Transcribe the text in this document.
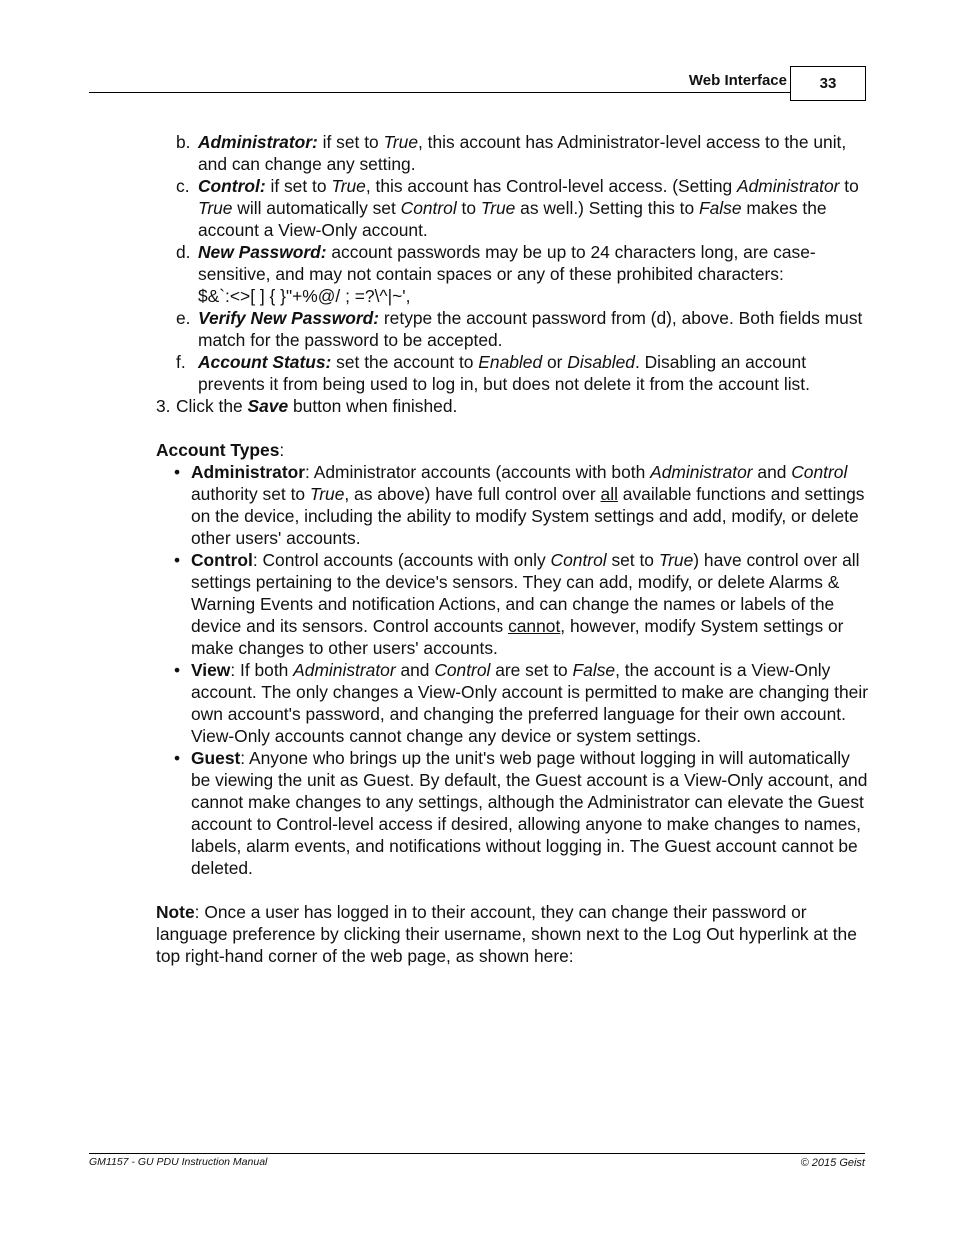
Web Interface	33
b. Administrator: if set to True, this account has Administrator-level access to the unit, and can change any setting.
c. Control: if set to True, this account has Control-level access. (Setting Administrator to True will automatically set Control to True as well.) Setting this to False makes the account a View-Only account.
d. New Password: account passwords may be up to 24 characters long, are case-sensitive, and may not contain spaces or any of these prohibited characters:
$&`:<>[ ] { }"+%@/ ; =?\^|~',
e. Verify New Password: retype the account password from (d), above. Both fields must match for the password to be accepted.
f. Account Status: set the account to Enabled or Disabled. Disabling an account prevents it from being used to log in, but does not delete it from the account list.
3. Click the Save button when finished.
Account Types:
• Administrator: Administrator accounts (accounts with both Administrator and Control authority set to True, as above) have full control over all available functions and settings on the device, including the ability to modify System settings and add, modify, or delete other users' accounts.
• Control: Control accounts (accounts with only Control set to True) have control over all settings pertaining to the device's sensors. They can add, modify, or delete Alarms & Warning Events and notification Actions, and can change the names or labels of the device and its sensors. Control accounts cannot, however, modify System settings or make changes to other users' accounts.
• View: If both Administrator and Control are set to False, the account is a View-Only account. The only changes a View-Only account is permitted to make are changing their own account's password, and changing the preferred language for their own account. View-Only accounts cannot change any device or system settings.
• Guest: Anyone who brings up the unit's web page without logging in will automatically be viewing the unit as Guest. By default, the Guest account is a View-Only account, and cannot make changes to any settings, although the Administrator can elevate the Guest account to Control-level access if desired, allowing anyone to make changes to names, labels, alarm events, and notifications without logging in. The Guest account cannot be deleted.
Note: Once a user has logged in to their account, they can change their password or language preference by clicking their username, shown next to the Log Out hyperlink at the top right-hand corner of the web page, as shown here:
GM1157 - GU PDU Instruction Manual	© 2015 Geist
